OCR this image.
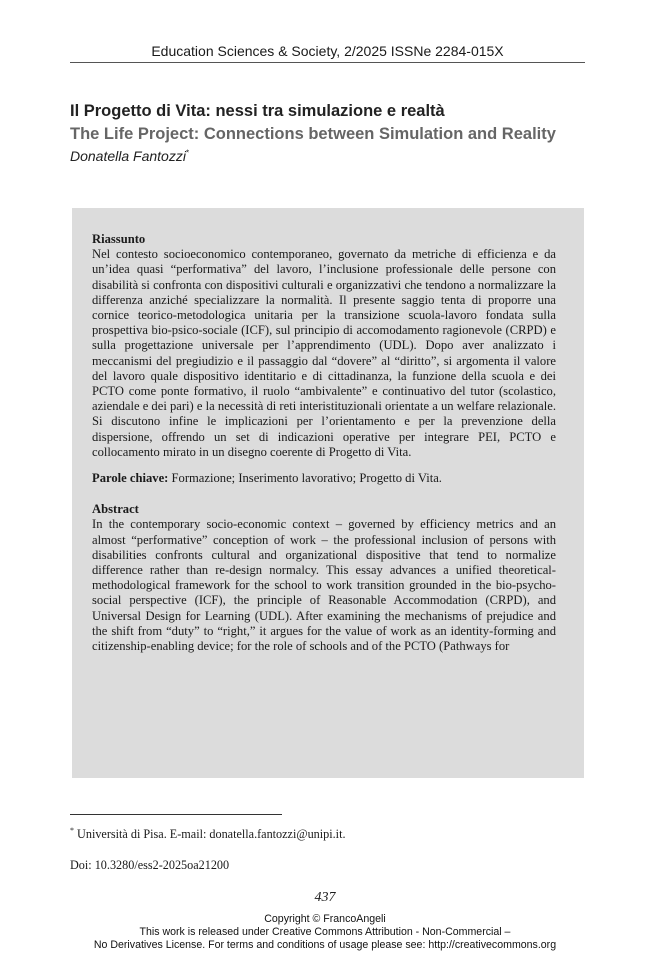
Education Sciences & Society, 2/2025 ISSNe 2284-015X
Il Progetto di Vita: nessi tra simulazione e realtà
The Life Project: Connections between Simulation and Reality
Donatella Fantozzi*
Riassunto

Nel contesto socioeconomico contemporaneo, governato da metriche di efficienza e da un’idea quasi “performativa” del lavoro, l’inclusione professionale delle persone con disabilità si confronta con dispositivi culturali e organizzativi che tendono a normalizzare la differenza anziché specializzare la normalità. Il presente saggio tenta di proporre una cornice teorico-metodologica unitaria per la transizione scuola-lavoro fondata sulla prospettiva bio-psico-sociale (ICF), sul principio di accomodamento ragionevole (CRPD) e sulla progettazione universale per l’apprendimento (UDL). Dopo aver analizzato i meccanismi del pregiudizio e il passaggio dal “dovere” al “diritto”, si argomenta il valore del lavoro quale dispositivo identitario e di cittadinanza, la funzione della scuola e dei PCTO come ponte formativo, il ruolo “ambivalente” e continuativo del tutor (scolastico, aziendale e dei pari) e la necessità di reti interistituzionali orientate a un welfare relazionale. Si discutono infine le implicazioni per l’orientamento e per la prevenzione della dispersione, offrendo un set di indicazioni operative per integrare PEI, PCTO e collocamento mirato in un disegno coerente di Progetto di Vita.

Parole chiave: Formazione; Inserimento lavorativo; Progetto di Vita.

Abstract

In the contemporary socio-economic context – governed by efficiency metrics and an almost “performative” conception of work – the professional inclusion of persons with disabilities confronts cultural and organizational dispositive that tend to normalize difference rather than re-design normalcy. This essay advances a unified theoretical-methodological framework for the school to work transition grounded in the bio-psycho-social perspective (ICF), the principle of Reasonable Accommodation (CRPD), and Universal Design for Learning (UDL). After examining the mechanisms of prejudice and the shift from “duty” to “right,” it argues for the value of work as an identity-forming and citizenship-enabling device; for the role of schools and of the PCTO (Pathways for

* Università di Pisa. E-mail: donatella.fantozzi@unipi.it.
Doi: 10.3280/ess2-2025oa21200
437
Copyright © FrancoAngeli
This work is released under Creative Commons Attribution - Non-Commercial –
No Derivatives License. For terms and conditions of usage please see: http://creativecommons.org
